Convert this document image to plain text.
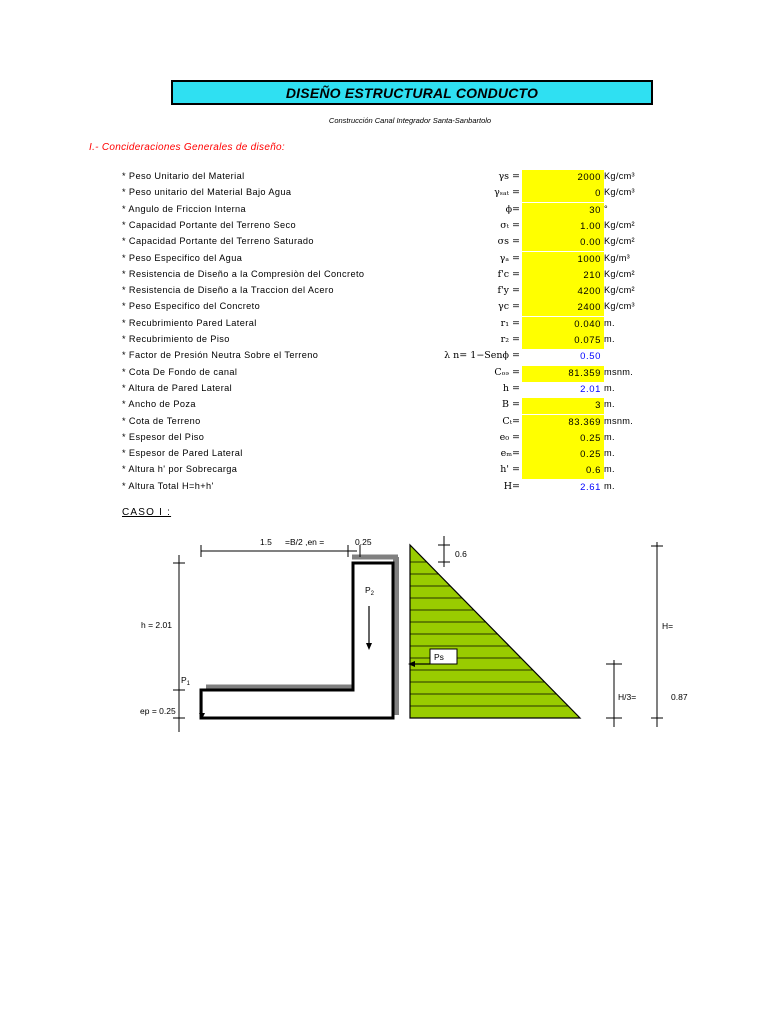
DISEÑO ESTRUCTURAL CONDUCTO
Construcción Canal Integrador Santa-Sanbartolo
I.- Concideraciones Generales de diseño:
* Peso Unitario del Material	γs =	2000 Kg/cm³
* Peso unitario del Material Bajo Agua	γₛₐₜ =	0 Kg/cm³
* Angulo de Friccion Interna	ϕ=	30 °
* Capacidad Portante del Terreno Seco	σₜ =	1.00 Kg/cm²
* Capacidad Portante del Terreno Saturado	σs =	0.00 Kg/cm²
* Peso Especifico del Agua	γₐ =	1000 Kg/m³
* Resistencia de Diseño a la Compresiòn del Concreto	f'c =	210 Kg/cm²
* Resistencia de Diseño a la Traccion del Acero	f'y =	4200 Kg/cm²
* Peso Especifico del Concreto	γc =	2400 Kg/cm³
* Recubrimiento Pared Lateral	r₁ =	0.040 m.
* Recubrimiento de Piso	r₂ =	0.075 m.
* Factor de Presión Neutra Sobre el Terreno	λ n= 1−Senϕ =	0.50
* Cota De Fondo de canal	Cₒₔ =	81.359 msnm.
* Altura de Pared Lateral	h =	2.01 m.
* Ancho de Poza	B =	3 m.
* Cota de Terreno	Cₜ=	83.369 msnm.
* Espesor del Piso	e₀ =	0.25 m.
* Espesor de Pared Lateral	eₘ=	0.25 m.
* Altura h' por Sobrecarga	h' =	0.6 m.
* Altura Total H=h+h'	H=	2.61 m.
CASO I :
1.5 =B/2 ,en =	0.25
h = 2.01
ep = 0.25
$P_1$
$P_2$
0.6
Ps
H=
H/3=	0.87
